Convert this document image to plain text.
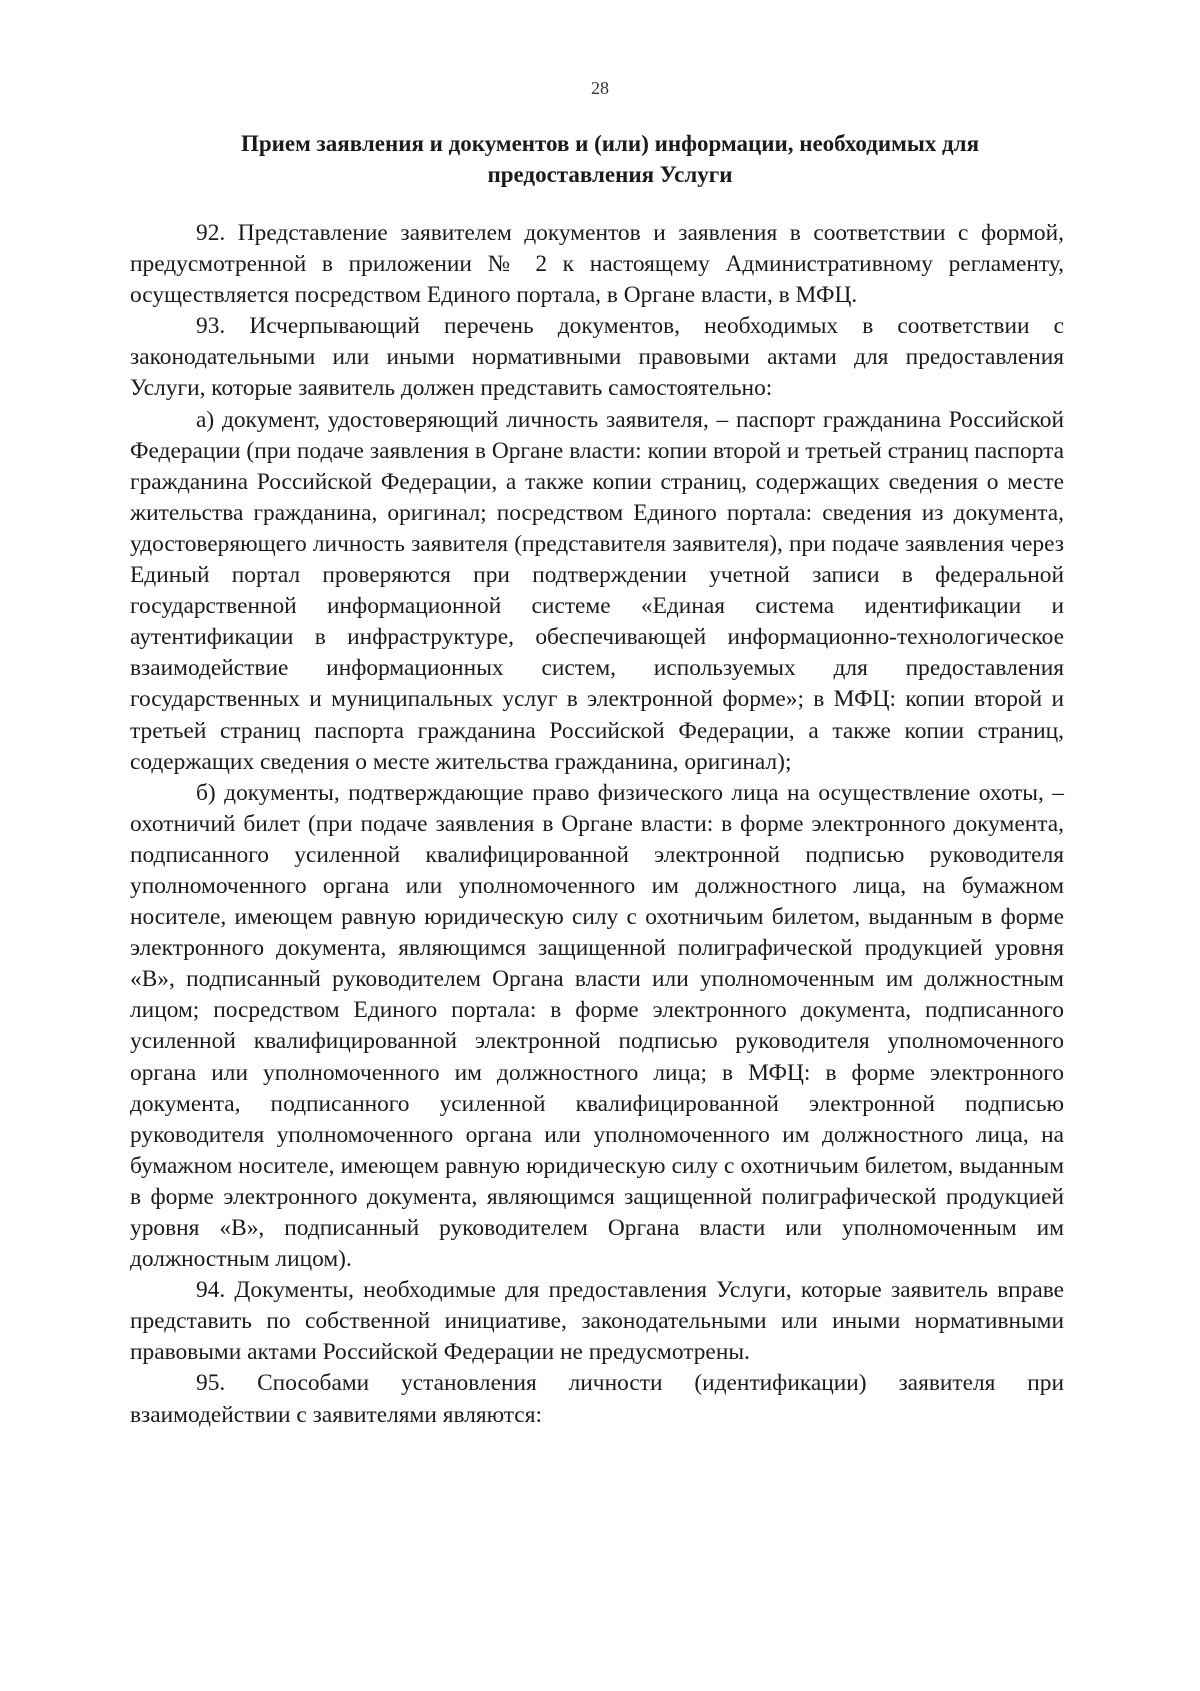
28
Прием заявления и документов и (или) информации, необходимых для
предоставления Услуги

92. Представление заявителем документов и заявления в соответствии с формой, предусмотренной в приложении № 2 к настоящему Административному регламенту, осуществляется посредством Единого портала, в Органе власти, в МФЦ.

93. Исчерпывающий перечень документов, необходимых в соответствии с законодательными или иными нормативными правовыми актами для предоставления Услуги, которые заявитель должен представить самостоятельно:

а) документ, удостоверяющий личность заявителя, – паспорт гражданина Российской Федерации (при подаче заявления в Органе власти: копии второй и третьей страниц паспорта гражданина Российской Федерации, а также копии страниц, содержащих сведения о месте жительства гражданина, оригинал; посредством Единого портала: сведения из документа, удостоверяющего личность заявителя (представителя заявителя), при подаче заявления через Единый портал проверяются при подтверждении учетной записи в федеральной государственной информационной системе «Единая система идентификации и аутентификации в инфраструктуре, обеспечивающей информационно-технологическое взаимодействие информационных систем, используемых для предоставления государственных и муниципальных услуг в электронной форме»; в МФЦ: копии второй и третьей страниц паспорта гражданина Российской Федерации, а также копии страниц, содержащих сведения о месте жительства гражданина, оригинал);

б) документы, подтверждающие право физического лица на осуществление охоты, – охотничий билет (при подаче заявления в Органе власти: в форме электронного документа, подписанного усиленной квалифицированной электронной подписью руководителя уполномоченного органа или уполномоченного им должностного лица, на бумажном носителе, имеющем равную юридическую силу с охотничьим билетом, выданным в форме электронного документа, являющимся защищенной полиграфической продукцией уровня «В», подписанный руководителем Органа власти или уполномоченным им должностным лицом; посредством Единого портала: в форме электронного документа, подписанного усиленной квалифицированной электронной подписью руководителя уполномоченного органа или уполномоченного им должностного лица; в МФЦ: в форме электронного документа, подписанного усиленной квалифицированной электронной подписью руководителя уполномоченного органа или уполномоченного им должностного лица, на бумажном носителе, имеющем равную юридическую силу с охотничьим билетом, выданным в форме электронного документа, являющимся защищенной полиграфической продукцией уровня «В», подписанный руководителем Органа власти или уполномоченным им должностным лицом).

94. Документы, необходимые для предоставления Услуги, которые заявитель вправе представить по собственной инициативе, законодательными или иными нормативными правовыми актами Российской Федерации не предусмотрены.

95. Способами установления личности (идентификации) заявителя при взаимодействии с заявителями являются:
